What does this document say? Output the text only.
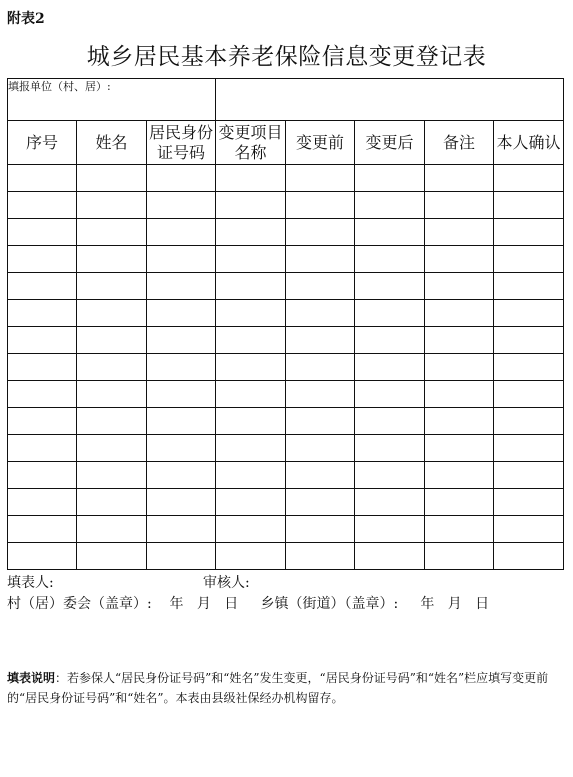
附表2
城乡居民基本养老保险信息变更登记表
填报单位（村、居）:							
序号	姓名	居民身份证号码	变更项目名称	变更前	变更后	备注	本人确认

填表人:	审核人:
村（居）委会（盖章）:    年   月   日     乡镇（街道）（盖章）:     年   月   日
填表说明：若参保人“居民身份证号码”和“姓名”发生变更，“居民身份证号码”和“姓名”栏应填写变更前的“居民身份证号码”和“姓名”。本表由县级社保经办机构留存。
